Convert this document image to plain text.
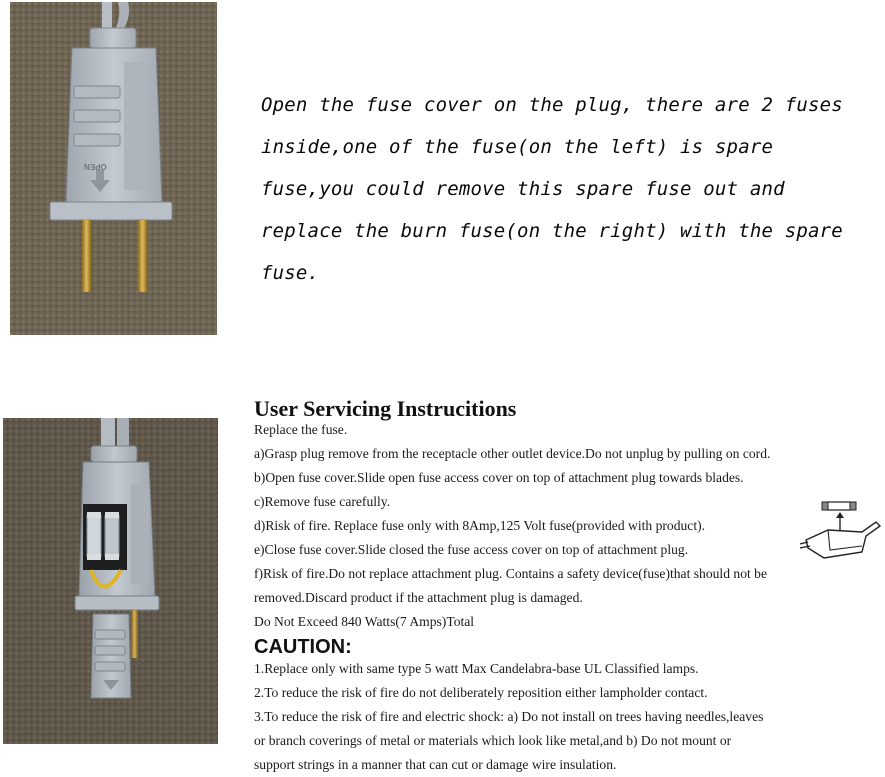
OPEN
Open the fuse cover on the plug, there are 2 fuses
inside,one of the fuse(on the left) is spare
fuse,you could remove this spare fuse out and
replace the burn fuse(on the right) with the spare
fuse.
User Servicing Instrucitions
Replace the fuse.
a)Grasp plug remove from the receptacle other outlet device.Do not unplug by pulling on cord.
b)Open fuse cover.Slide open fuse access cover on top of attachment plug towards blades.
c)Remove fuse carefully.
d)Risk of fire. Replace fuse only with 8Amp,125 Volt fuse(provided with product).
e)Close fuse cover.Slide closed the fuse access cover on top of attachment plug.
f)Risk of fire.Do not replace attachment plug. Contains a safety device(fuse)that should not be
removed.Discard product if the attachment plug is damaged.
Do Not Exceed 840 Watts(7 Amps)Total
CAUTION:
1.Replace only with same type 5 watt Max Candelabra-base UL Classified lamps.
2.To reduce the risk of fire do not deliberately reposition either lampholder contact.
3.To reduce the risk of fire and electric shock: a) Do not install on trees having needles,leaves
or branch coverings of metal or materials which look like metal,and b) Do not mount or
support strings in a manner that can cut or damage wire insulation.
